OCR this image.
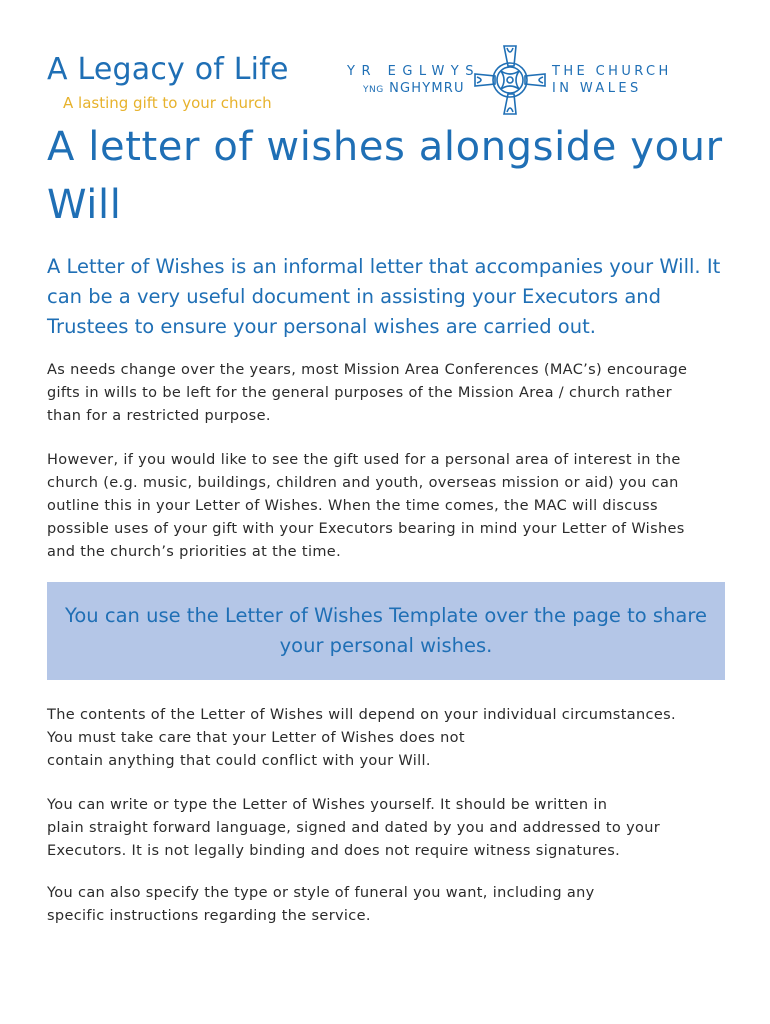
A Legacy of Life
A lasting gift to your church
YR EGLWYS
YNG NGHYMRU
THE CHURCH
IN WALES
A letter of wishes alongside your Will

A Letter of Wishes is an informal letter that accompanies your Will. It can be a very useful document in assisting your Executors and Trustees to ensure your personal wishes are carried out.

As needs change over the years, most Mission Area Conferences (MAC’s) encourage
gifts in wills to be left for the general purposes of the Mission Area / church rather
than for a restricted purpose.

However, if you would like to see the gift used for a personal area of interest in the
church (e.g. music, buildings, children and youth, overseas mission or aid) you can
outline this in your Letter of Wishes. When the time comes, the MAC will discuss
possible uses of your gift with your Executors bearing in mind your Letter of Wishes
and the church’s priorities at the time.

You can use the Letter of Wishes Template over the page to share your personal wishes.

The contents of the Letter of Wishes will depend on your individual circumstances.
You must take care that your Letter of Wishes does not
contain anything that could conflict with your Will.

You can write or type the Letter of Wishes yourself. It should be written in
plain straight forward language, signed and dated by you and addressed to your
Executors. It is not legally binding and does not require witness signatures.

You can also specify the type or style of funeral you want, including any
specific instructions regarding the service.
